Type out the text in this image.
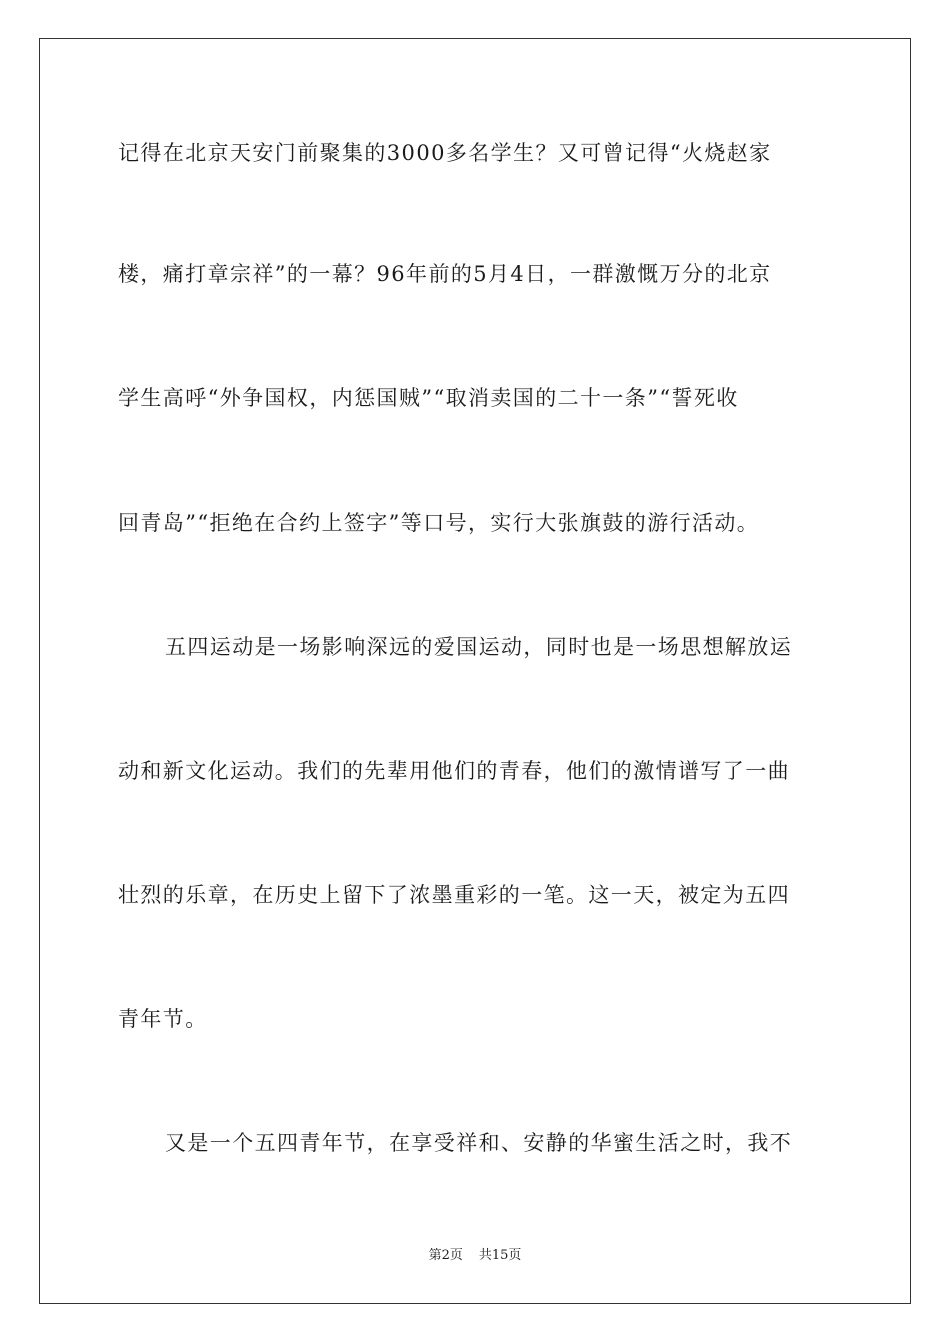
记得在北京天安门前聚集的3000多名学生？又可曾记得“火烧赵家
楼，痛打章宗祥”的一幕？96年前的5月4日，一群激慨万分的北京
学生高呼“外争国权，内惩国贼”“取消卖国的二十一条”“誓死收
回青岛”“拒绝在合约上签字”等口号，实行大张旗鼓的游行活动。
五四运动是一场影响深远的爱国运动，同时也是一场思想解放运
动和新文化运动。我们的先辈用他们的青春，他们的激情谱写了一曲
壮烈的乐章，在历史上留下了浓墨重彩的一笔。这一天，被定为五四
青年节。
又是一个五四青年节，在享受祥和、安静的华蜜生活之时，我不
第2页 共15页
